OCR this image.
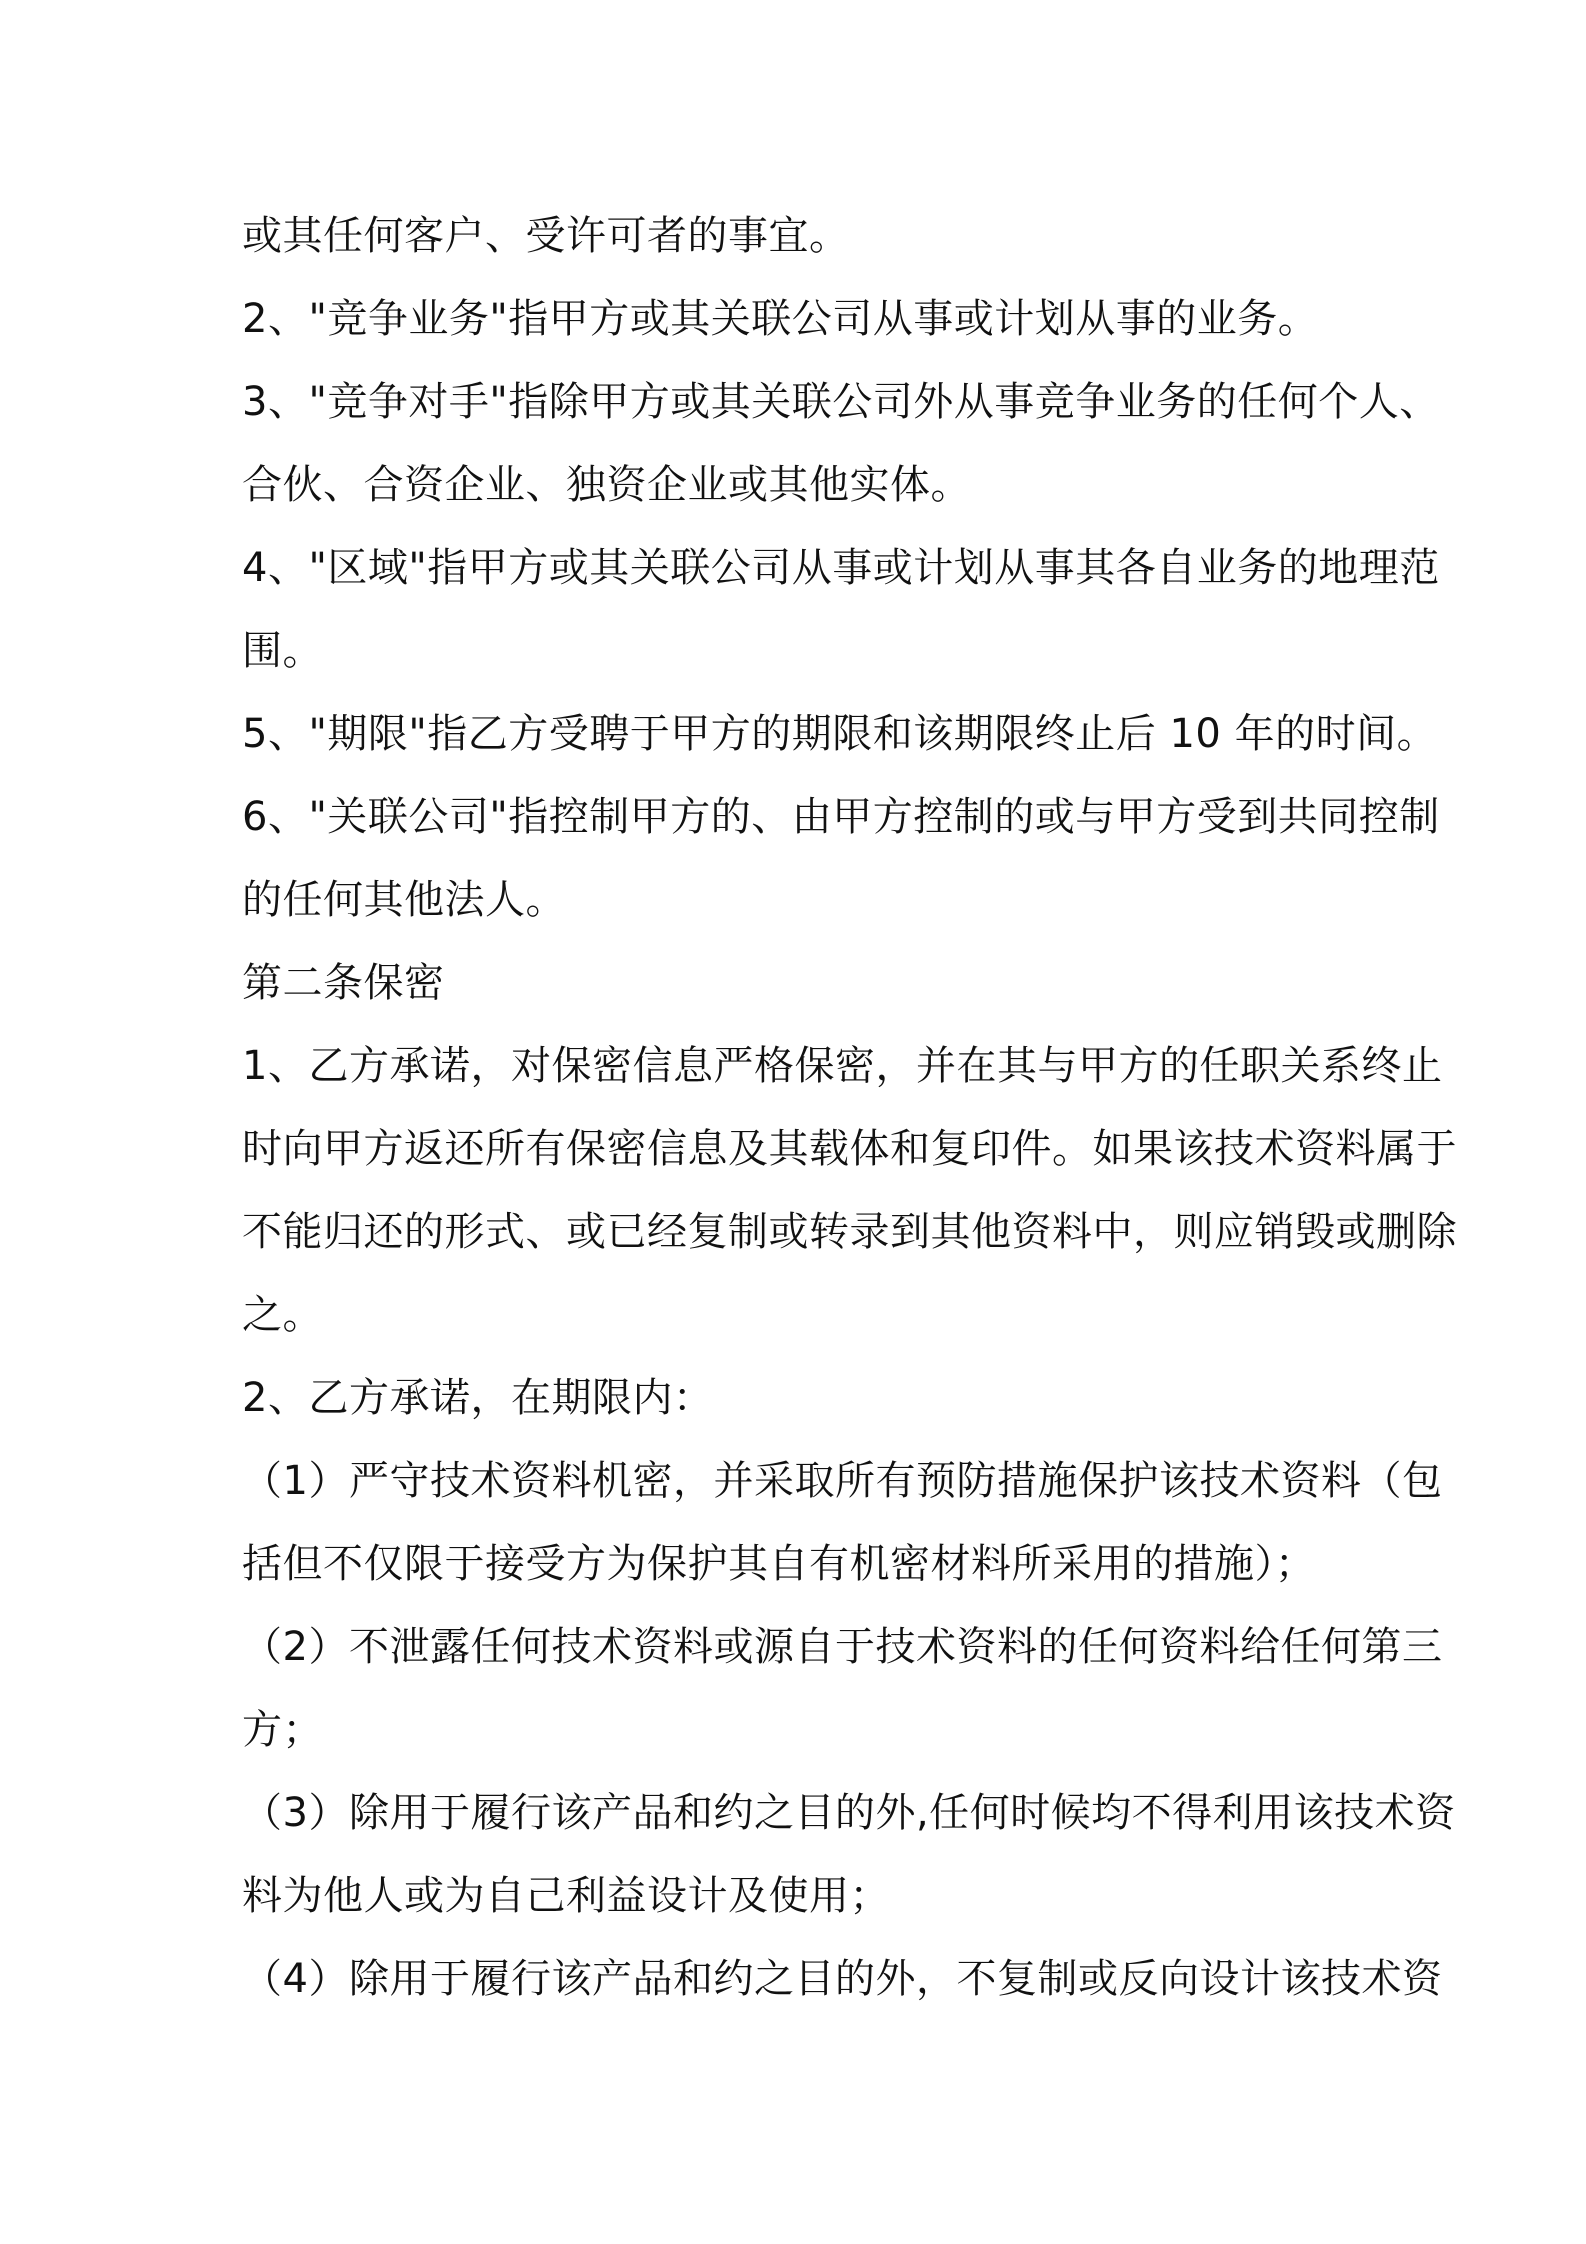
或其任何客户、受许可者的事宜。
2、"竞争业务"指甲方或其关联公司从事或计划从事的业务。
3、"竞争对手"指除甲方或其关联公司外从事竞争业务的任何个人、
合伙、合资企业、独资企业或其他实体。
4、"区域"指甲方或其关联公司从事或计划从事其各自业务的地理范
围。
5、"期限"指乙方受聘于甲方的期限和该期限终止后 10 年的时间。
6、"关联公司"指控制甲方的、由甲方控制的或与甲方受到共同控制
的任何其他法人。
第二条保密
1、乙方承诺，对保密信息严格保密，并在其与甲方的任职关系终止
时向甲方返还所有保密信息及其载体和复印件。如果该技术资料属于
不能归还的形式、或已经复制或转录到其他资料中，则应销毁或删除
之。
2、乙方承诺，在期限内：
（1）严守技术资料机密，并采取所有预防措施保护该技术资料（包
括但不仅限于接受方为保护其自有机密材料所采用的措施）；
（2）不泄露任何技术资料或源自于技术资料的任何资料给任何第三
方；
（3）除用于履行该产品和约之目的外,任何时候均不得利用该技术资
料为他人或为自己利益设计及使用；
（4）除用于履行该产品和约之目的外，不复制或反向设计该技术资
